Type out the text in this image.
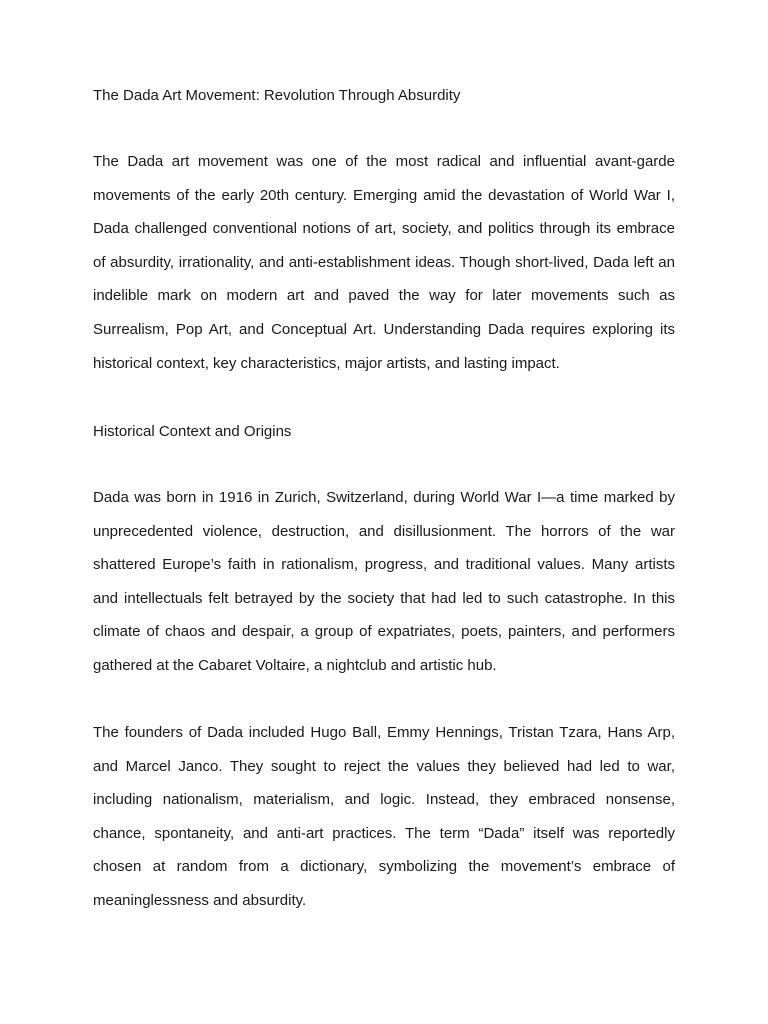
The Dada Art Movement: Revolution Through Absurdity

The Dada art movement was one of the most radical and influential avant-garde movements of the early 20th century. Emerging amid the devastation of World War I, Dada challenged conventional notions of art, society, and politics through its embrace of absurdity, irrationality, and anti-establishment ideas. Though short-lived, Dada left an indelible mark on modern art and paved the way for later movements such as Surrealism, Pop Art, and Conceptual Art. Understanding Dada requires exploring its historical context, key characteristics, major artists, and lasting impact.

Historical Context and Origins

Dada was born in 1916 in Zurich, Switzerland, during World War I—a time marked by unprecedented violence, destruction, and disillusionment. The horrors of the war shattered Europe’s faith in rationalism, progress, and traditional values. Many artists and intellectuals felt betrayed by the society that had led to such catastrophe. In this climate of chaos and despair, a group of expatriates, poets, painters, and performers gathered at the Cabaret Voltaire, a nightclub and artistic hub.

The founders of Dada included Hugo Ball, Emmy Hennings, Tristan Tzara, Hans Arp, and Marcel Janco. They sought to reject the values they believed had led to war, including nationalism, materialism, and logic. Instead, they embraced nonsense, chance, spontaneity, and anti-art practices. The term “Dada” itself was reportedly chosen at random from a dictionary, symbolizing the movement’s embrace of meaninglessness and absurdity.
